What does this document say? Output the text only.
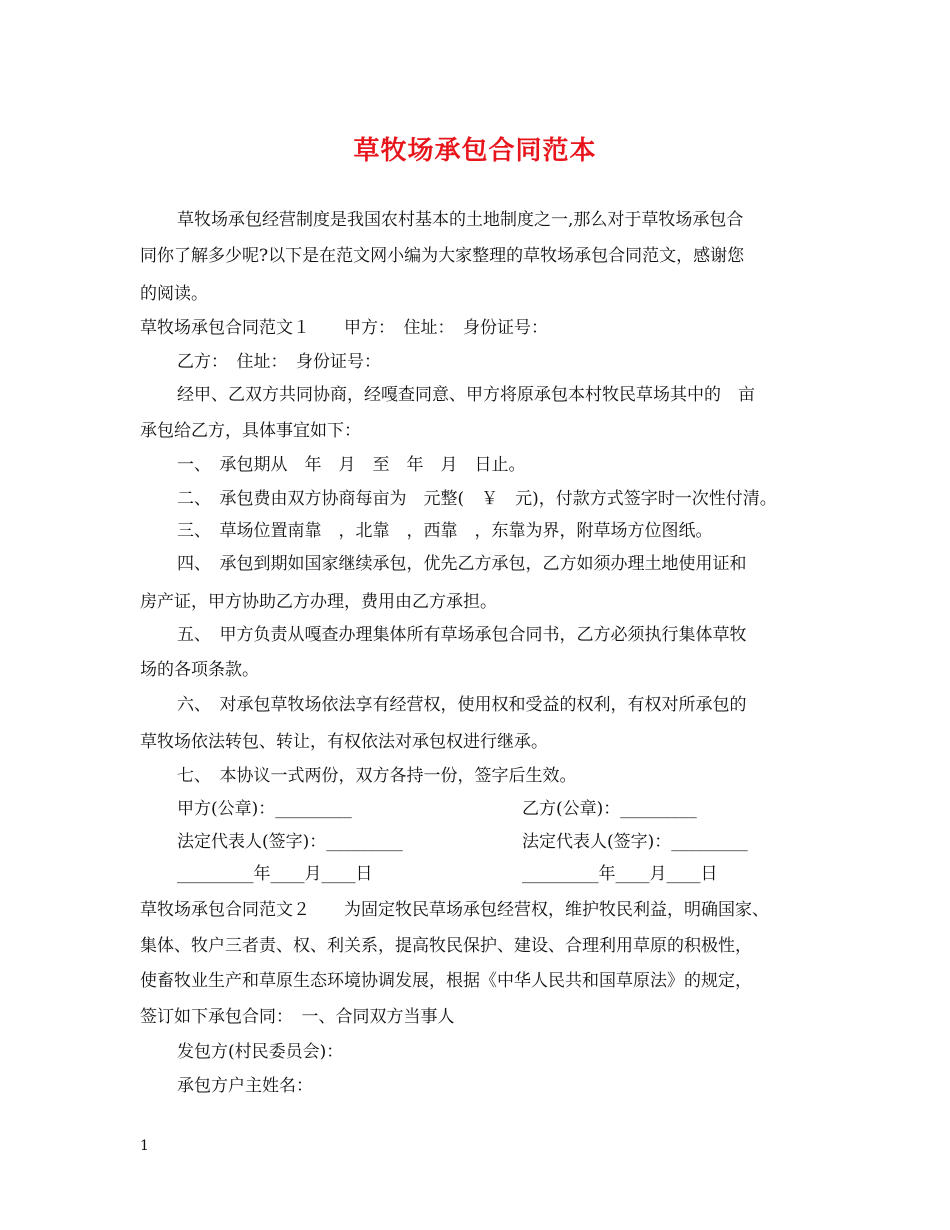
草牧场承包合同范本
草牧场承包经营制度是我国农村基本的土地制度之一,那么对于草牧场承包合
同你了解多少呢?以下是在范文网小编为大家整理的草牧场承包合同范文，感谢您
的阅读。
草牧场承包合同范文１　　甲方：　住址：　身份证号：
乙方：　住址：　身份证号：
经甲、乙双方共同协商，经嘎查同意、甲方将原承包本村牧民草场其中的　亩
承包给乙方，具体事宜如下：
一、　承包期从　年　月　至　年　月　日止。
二、　承包费由双方协商每亩为　元整(　￥　元)，付款方式签字时一次性付清。
三、　草场位置南靠　，北靠　，西靠　，东靠为界，附草场方位图纸。
四、　承包到期如国家继续承包，优先乙方承包，乙方如须办理土地使用证和
房产证，甲方协助乙方办理，费用由乙方承担。
五、　甲方负责从嘎查办理集体所有草场承包合同书，乙方必须执行集体草牧
场的各项条款。
六、　对承包草牧场依法享有经营权，使用权和受益的权利，有权对所承包的
草牧场依法转包、转让，有权依法对承包权进行继承。
七、　本协议一式两份，双方各持一份，签字后生效。
甲方(公章)：_________	乙方(公章)：_________
法定代表人(签字)：_________	法定代表人(签字)：_________
_________年____月____日	_________年____月____日
草牧场承包合同范文２　　为固定牧民草场承包经营权，维护牧民利益，明确国家、
集体、牧户三者责、权、利关系，提高牧民保护、建设、合理利用草原的积极性，
使畜牧业生产和草原生态环境协调发展，根据《中华人民共和国草原法》的规定，
签订如下承包合同：　一、合同双方当事人
发包方(村民委员会)：
承包方户主姓名：
1
